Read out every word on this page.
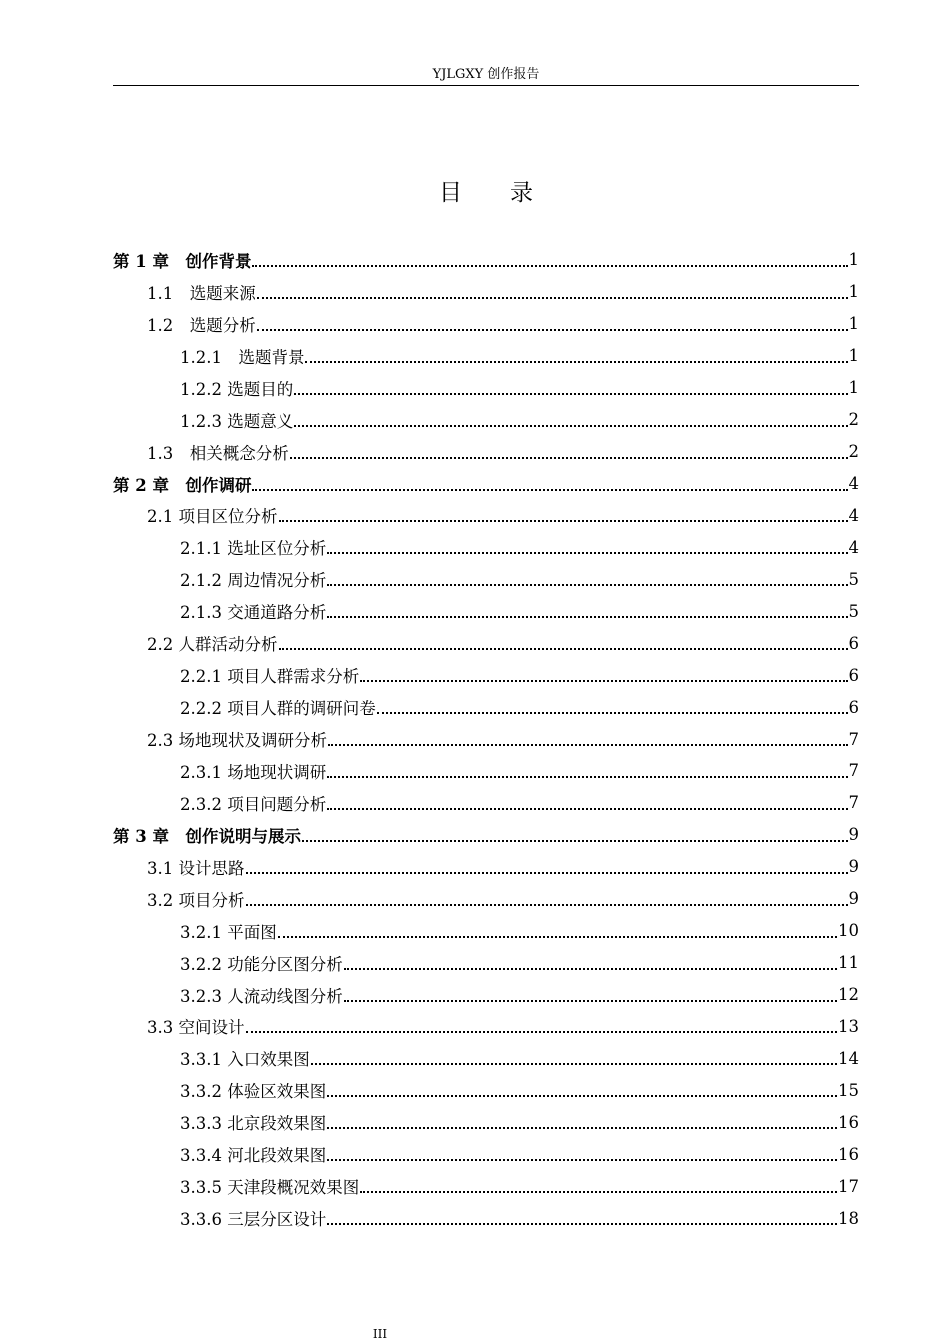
YJLGXY 创作报告
目录
第 1 章　创作背景	1
1.1　选题来源	1
1.2　选题分析	1
1.2.1　选题背景	1
1.2.2 选题目的	1
1.2.3 选题意义	2
1.3　相关概念分析	2
第 2 章　创作调研	4
2.1 项目区位分析	4
2.1.1 选址区位分析	4
2.1.2 周边情况分析	5
2.1.3 交通道路分析	5
2.2 人群活动分析	6
2.2.1 项目人群需求分析	6
2.2.2 项目人群的调研问卷	6
2.3 场地现状及调研分析	7
2.3.1 场地现状调研	7
2.3.2 项目问题分析	7
第 3 章　创作说明与展示	9
3.1 设计思路	9
3.2 项目分析	9
3.2.1 平面图	10
3.2.2 功能分区图分析	11
3.2.3 人流动线图分析	12
3.3 空间设计	13
3.3.1 入口效果图	14
3.3.2 体验区效果图	15
3.3.3 北京段效果图	16
3.3.4 河北段效果图	16
3.3.5 天津段概况效果图	17
3.3.6 三层分区设计	18
III
